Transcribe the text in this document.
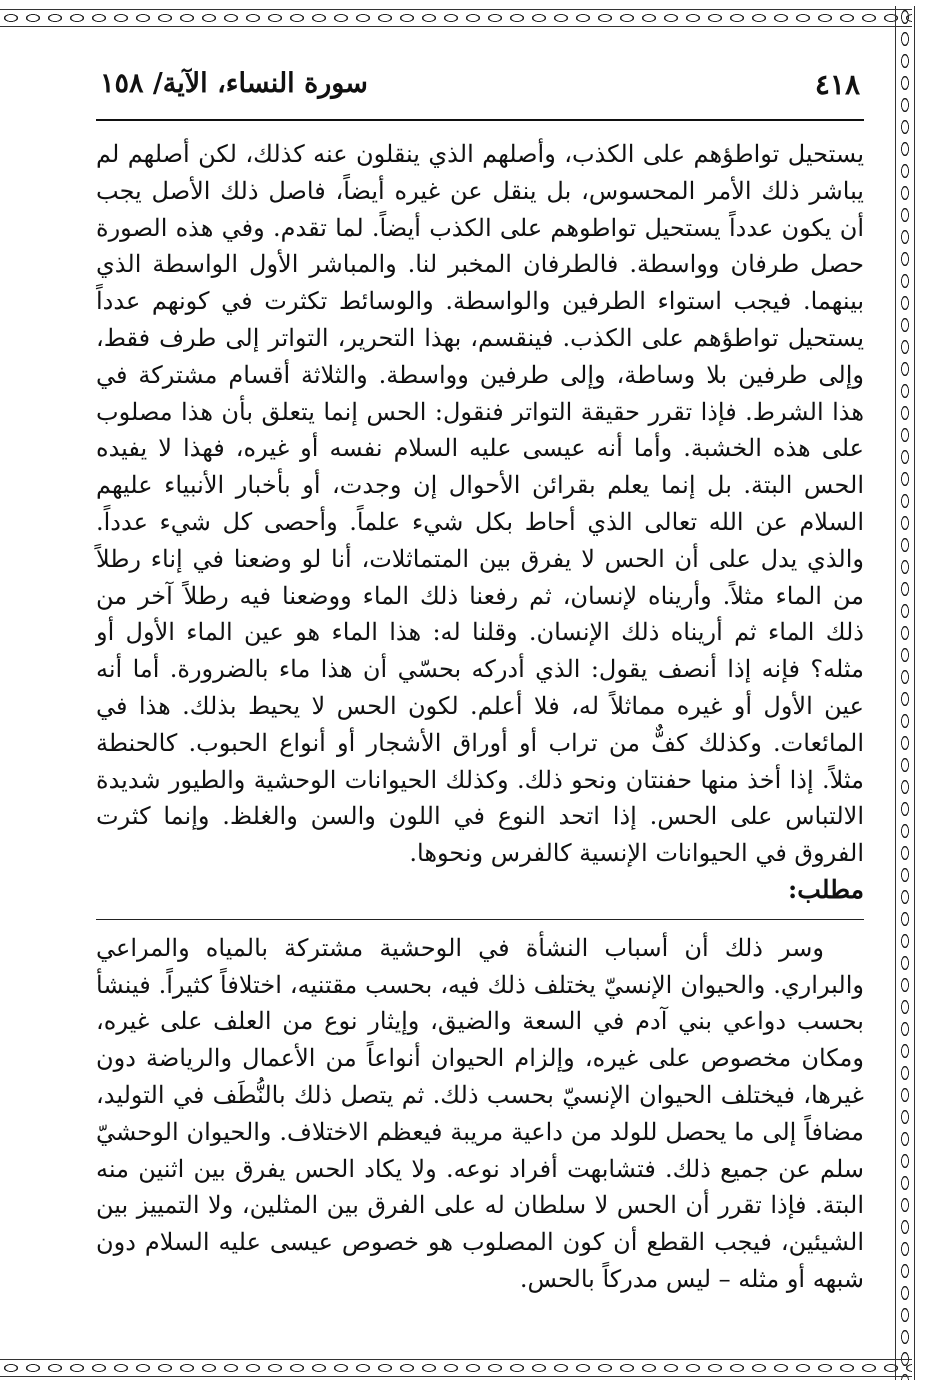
٤١٨
سورة النساء، الآية/ ١٥٨

يستحيل تواطؤهم على الكذب، وأصلهم الذي ينقلون عنه كذلك، لكن أصلهم لم يباشر ذلك الأمر المحسوس، بل ينقل عن غيره أيضاً، فاصل ذلك الأصل يجب أن يكون عدداً يستحيل تواطوهم على الكذب أيضاً. لما تقدم. وفي هذه الصورة حصل طرفان وواسطة. فالطرفان المخبر لنا. والمباشر الأول الواسطة الذي بينهما. فيجب استواء الطرفين والواسطة. والوسائط تكثرت في كونهم عدداً يستحيل تواطؤهم على الكذب. فينقسم، بهذا التحرير، التواتر إلى طرف فقط، وإلى طرفين بلا وساطة، وإلى طرفين وواسطة. والثلاثة أقسام مشتركة في هذا الشرط. فإذا تقرر حقيقة التواتر فنقول: الحس إنما يتعلق بأن هذا مصلوب على هذه الخشبة. وأما أنه عيسى عليه السلام نفسه أو غيره، فهذا لا يفيده الحس البتة. بل إنما يعلم بقرائن الأحوال إن وجدت، أو بأخبار الأنبياء عليهم السلام عن الله تعالى الذي أحاط بكل شيء علماً. وأحصى كل شيء عدداً. والذي يدل على أن الحس لا يفرق بين المتماثلات، أنا لو وضعنا في إناء رطلاً من الماء مثلاً. وأريناه لإنسان، ثم رفعنا ذلك الماء ووضعنا فيه رطلاً آخر من ذلك الماء ثم أريناه ذلك الإنسان. وقلنا له: هذا الماء هو عين الماء الأول أو مثله؟ فإنه إذا أنصف يقول: الذي أدركه بحسّي أن هذا ماء بالضرورة. أما أنه عين الأول أو غيره مماثلاً له، فلا أعلم. لكون الحس لا يحيط بذلك. هذا في المائعات. وكذلك كفٌّ من تراب أو أوراق الأشجار أو أنواع الحبوب. كالحنطة مثلاً. إذا أخذ منها حفنتان ونحو ذلك. وكذلك الحيوانات الوحشية والطيور شديدة الالتباس على الحس. إذا اتحد النوع في اللون والسن والغلظ. وإنما كثرت الفروق في الحيوانات الإنسية كالفرس ونحوها.

مطلب:

وسر ذلك أن أسباب النشأة في الوحشية مشتركة بالمياه والمراعي والبراري. والحيوان الإنسيّ يختلف ذلك فيه، بحسب مقتنيه، اختلافاً كثيراً. فينشأ بحسب دواعي بني آدم في السعة والضيق، وإيثار نوع من العلف على غيره، ومكان مخصوص على غيره، وإلزام الحيوان أنواعاً من الأعمال والرياضة دون غيرها، فيختلف الحيوان الإنسيّ بحسب ذلك. ثم يتصل ذلك بالنُّطَف في التوليد، مضافاً إلى ما يحصل للولد من داعية مريبة فيعظم الاختلاف. والحيوان الوحشيّ سلم عن جميع ذلك. فتشابهت أفراد نوعه. ولا يكاد الحس يفرق بين اثنين منه البتة. فإذا تقرر أن الحس لا سلطان له على الفرق بين المثلين، ولا التمييز بين الشيئين، فيجب القطع أن كون المصلوب هو خصوص عيسى عليه السلام دون شبهه أو مثله – ليس مدركاً بالحس.
